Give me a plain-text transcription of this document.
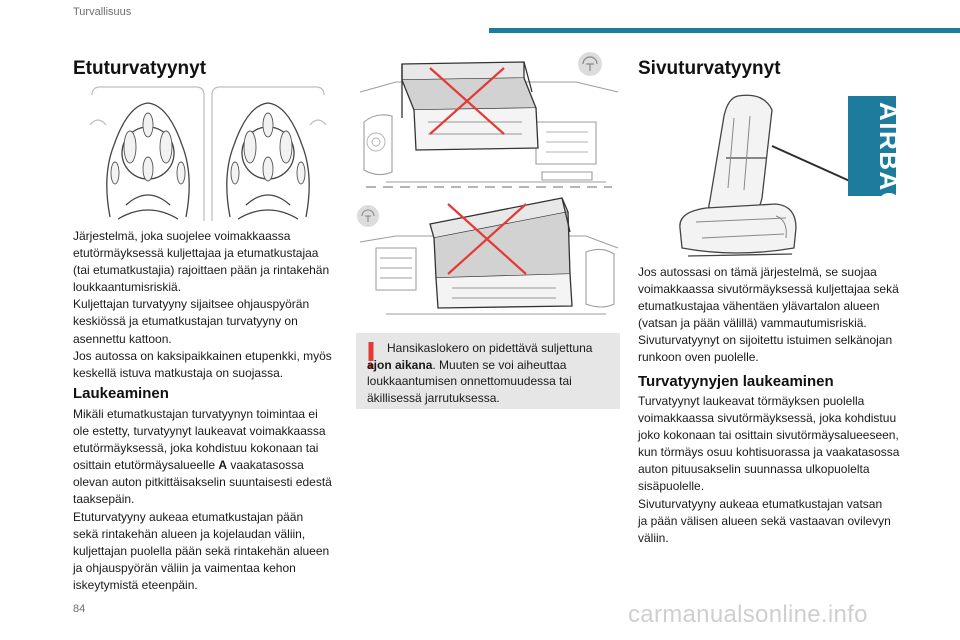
Turvallisuus
Etuturvatyynyt

Järjestelmä, joka suojelee voimakkaassa
etutörmäyksessä kuljettajaa ja etumatkustajaa
(tai etumatkustajia) rajoittaen pään ja rintakehän
loukkaantumisriskiä.
Kuljettajan turvatyyny sijaitsee ohjauspyörän
keskiössä ja etumatkustajan turvatyyny on
asennettu kattoon.
Jos autossa on kaksipaikkainen etupenkki, myös
keskellä istuva matkustaja on suojassa.

Laukeaminen

Mikäli etumatkustajan turvatyynyn toimintaa ei
ole estetty, turvatyynyt laukeavat voimakkaassa
etutörmäyksessä, joka kohdistuu kokonaan tai
osittain etutörmäysalueelle A vaakatasossa
olevan auton pitkittäisakselin suuntaisesti edestä
taaksepäin.
Etuturvatyyny aukeaa etumatkustajan pään
sekä rintakehän alueen ja kojelaudan väliin,
kuljettajan puolella pään sekä rintakehän alueen
ja ohjauspyörän väliin ja vaimentaa kehon
iskeytymistä eteenpäin.

Hansikaslokero on pidettävä suljettuna
ajon aikana. Muuten se voi aiheuttaa
loukkaantumisen onnettomuudessa tai
äkillisessä jarrutuksessa.
Sivuturvatyynyt
AIRBAG

Jos autossasi on tämä järjestelmä, se suojaa
voimakkaassa sivutörmäyksessä kuljettajaa sekä
etumatkustajaa vähentäen ylävartalon alueen
(vatsan ja pään välillä) vammautumisriskiä.
Sivuturvatyynyt on sijoitettu istuimen selkänojan
runkoon oven puolelle.

Turvatyynyjen laukeaminen

Turvatyynyt laukeavat törmäyksen puolella
voimakkaassa sivutörmäyksessä, joka kohdistuu
joko kokonaan tai osittain sivutörmäysalueeseen,
kun törmäys osuu kohtisuorassa ja vaakatasossa
auton pituusakselin suunnassa ulkopuolelta
sisäpuolelle.
Sivuturvatyyny aukeaa etumatkustajan vatsan
ja pään välisen alueen sekä vastaavan ovilevyn
väliin.

84	carmanualsonline.info
